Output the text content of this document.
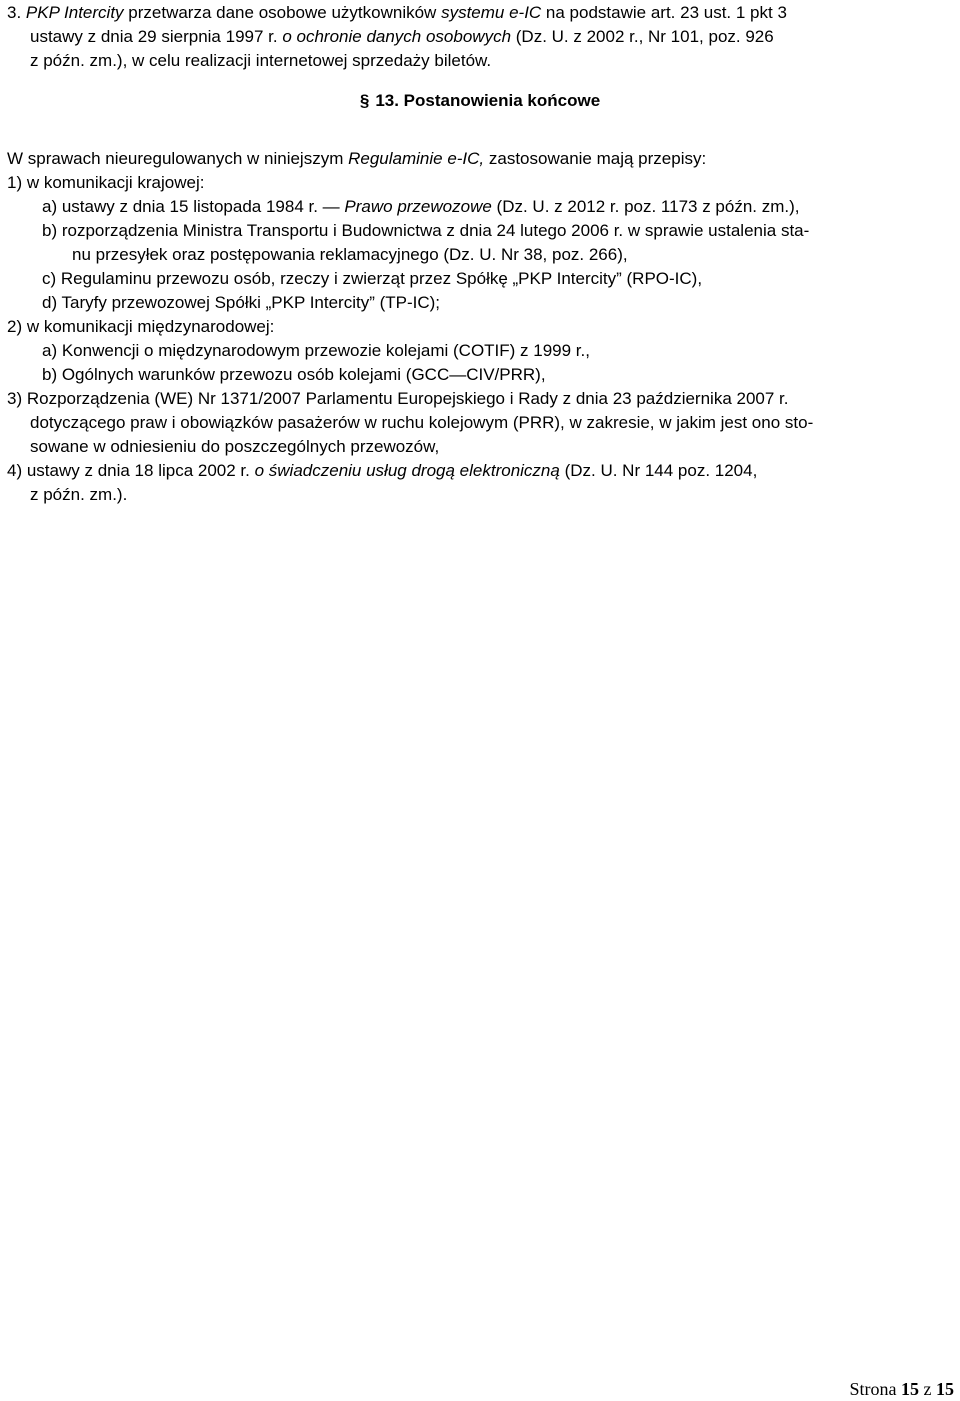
3. PKP Intercity przetwarza dane osobowe użytkowników systemu e-IC na podstawie art. 23 ust. 1 pkt 3
ustawy z dnia 29 sierpnia 1997 r. o ochronie danych osobowych (Dz. U. z 2002 r., Nr 101, poz. 926
z późn. zm.), w celu realizacji internetowej sprzedaży biletów.
§ 13. Postanowienia końcowe
W sprawach nieuregulowanych w niniejszym Regulaminie e-IC, zastosowanie mają przepisy:
1) w komunikacji krajowej:
a) ustawy z dnia 15 listopada 1984 r. — Prawo przewozowe (Dz. U. z 2012 r. poz. 1173 z późn. zm.),
b) rozporządzenia Ministra Transportu i Budownictwa z dnia 24 lutego 2006 r. w sprawie ustalenia sta-
nu przesyłek oraz postępowania reklamacyjnego (Dz. U. Nr 38, poz. 266),
c) Regulaminu przewozu osób, rzeczy i zwierząt przez Spółkę „PKP Intercity” (RPO-IC),
d) Taryfy przewozowej Spółki „PKP Intercity” (TP-IC);
2) w komunikacji międzynarodowej:
a) Konwencji o międzynarodowym przewozie kolejami (COTIF) z 1999 r.,
b) Ogólnych warunków przewozu osób kolejami (GCC—CIV/PRR),
3) Rozporządzenia (WE) Nr 1371/2007 Parlamentu Europejskiego i Rady z dnia 23 października 2007 r.
dotyczącego praw i obowiązków pasażerów w ruchu kolejowym (PRR), w zakresie, w jakim jest ono sto-
sowane w odniesieniu do poszczególnych przewozów,
4) ustawy z dnia 18 lipca 2002 r. o świadczeniu usług drogą elektroniczną (Dz. U. Nr 144 poz. 1204,
z późn. zm.).
Strona 15 z 15
